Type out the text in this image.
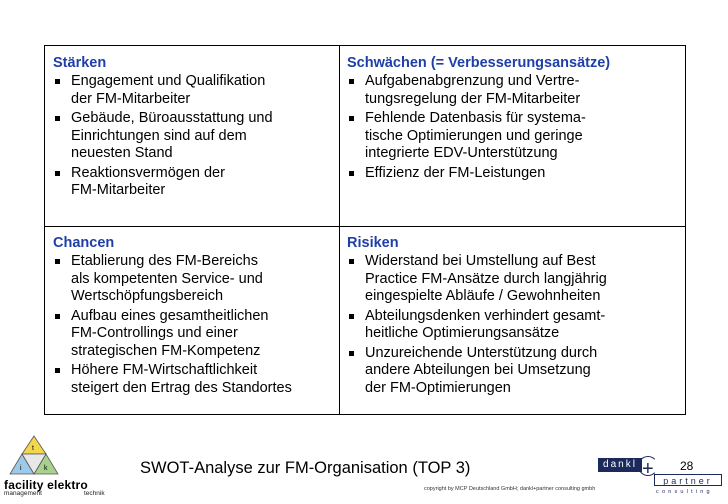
Stärken
Engagement und Qualifikation
der FM-Mitarbeiter
Gebäude, Büroausstattung und
Einrichtungen sind auf dem
neuesten Stand
Reaktionsvermögen der
FM-Mitarbeiter
Schwächen (= Verbesserungsansätze)
Aufgabenabgrenzung und Vertre-
tungsregelung der FM-Mitarbeiter
Fehlende Datenbasis für systema-
tische Optimierungen und geringe
integrierte EDV-Unterstützung
Effizienz der FM-Leistungen
Chancen
Etablierung des FM-Bereichs
als kompetenten Service- und
Wertschöpfungsbereich
Aufbau eines gesamtheitlichen
FM-Controllings und einer
strategischen FM-Kompetenz
Höhere FM-Wirtschaftlichkeit
steigert den Ertrag des Standortes
Risiken
Widerstand bei Umstellung auf Best
Practice FM-Ansätze durch langjährig
eingespielte Abläufe / Gewohnheiten
Abteilungsdenken verhindert gesamt-
heitliche Optimierungsansätze
Unzureichende Unterstützung durch
andere Abteilungen bei Umsetzung
der FM-Optimierungen
t
i	k
facility elektro
management	technik
SWOT-Analyse zur FM-Organisation (TOP 3)
copyright by MCP Deutschland GmbH; dankl+partner consulting gmbh
dankl +
partner
consulting
28
